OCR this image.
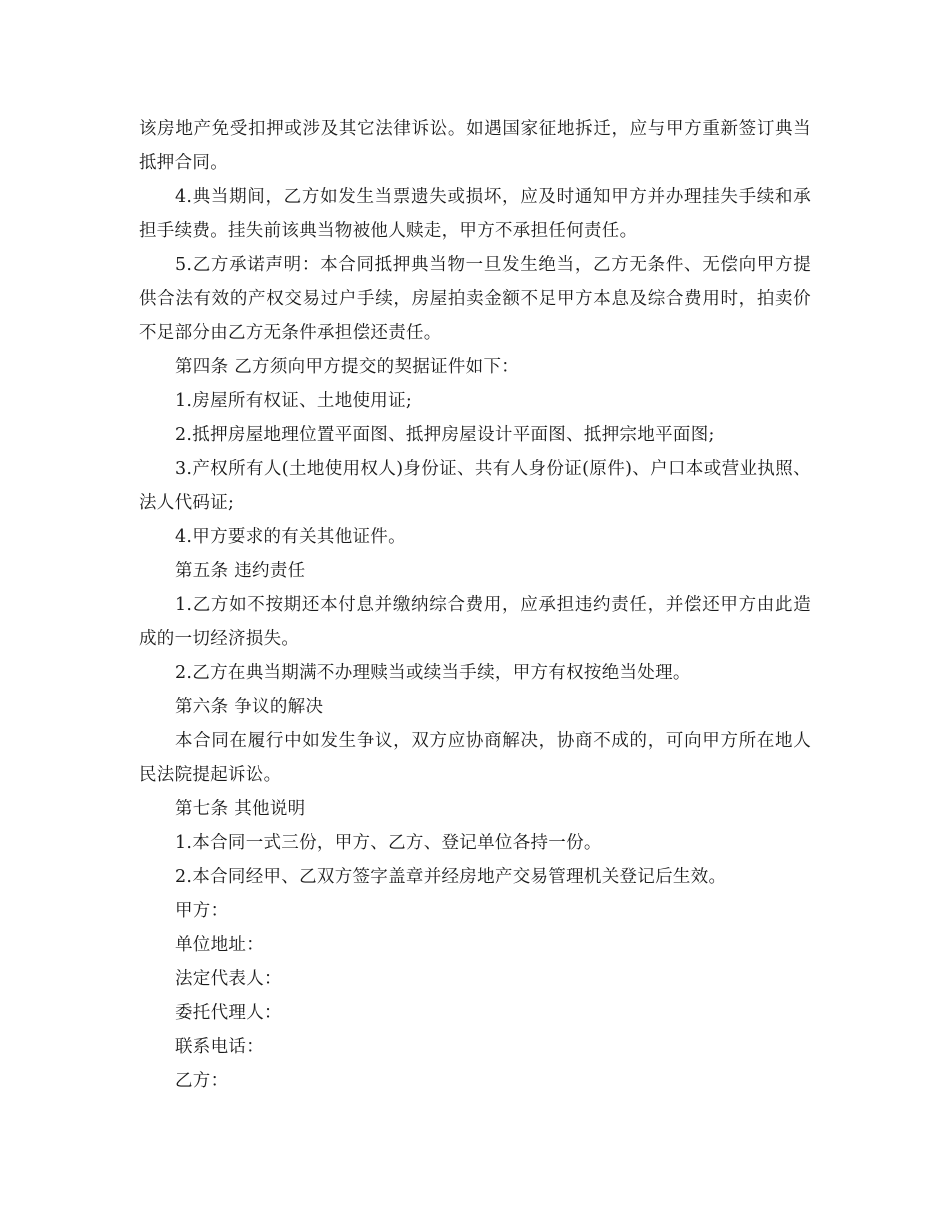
该房地产免受扣押或涉及其它法律诉讼。如遇国家征地拆迁，应与甲方重新签订典当抵押合同。

4.典当期间，乙方如发生当票遗失或损坏，应及时通知甲方并办理挂失手续和承担手续费。挂失前该典当物被他人赎走，甲方不承担任何责任。

5.乙方承诺声明：本合同抵押典当物一旦发生绝当，乙方无条件、无偿向甲方提供合法有效的产权交易过户手续，房屋拍卖金额不足甲方本息及综合费用时，拍卖价不足部分由乙方无条件承担偿还责任。

第四条 乙方须向甲方提交的契据证件如下：

1.房屋所有权证、土地使用证;

2.抵押房屋地理位置平面图、抵押房屋设计平面图、抵押宗地平面图;

3.产权所有人(土地使用权人)身份证、共有人身份证(原件)、户口本或营业执照、法人代码证;

4.甲方要求的有关其他证件。

第五条 违约责任

1.乙方如不按期还本付息并缴纳综合费用，应承担违约责任，并偿还甲方由此造成的一切经济损失。

2.乙方在典当期满不办理赎当或续当手续，甲方有权按绝当处理。

第六条 争议的解决

本合同在履行中如发生争议，双方应协商解决，协商不成的，可向甲方所在地人民法院提起诉讼。

第七条 其他说明

1.本合同一式三份，甲方、乙方、登记单位各持一份。

2.本合同经甲、乙双方签字盖章并经房地产交易管理机关登记后生效。

甲方：

单位地址：

法定代表人：

委托代理人：

联系电话：

乙方：
